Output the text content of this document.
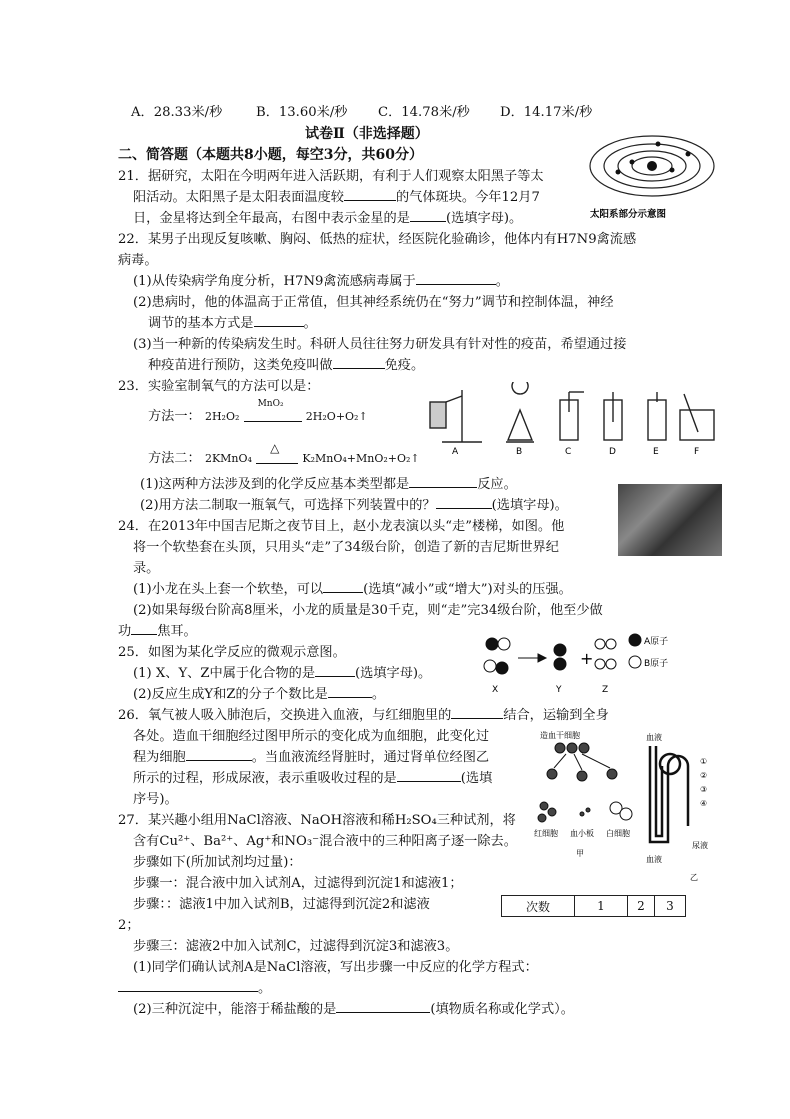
A．28.33米/秒	B．13.60米/秒 C．14.78米/秒 D．14.17米/秒
试卷Ⅱ（非选择题）
二、简答题（本题共8小题，每空3分，共60分）
21．据研究，太阳在今明两年进入活跃期，有利于人们观察太阳黑子等太
阳活动。太阳黑子是太阳表面温度较	的气体斑块。今年12月7
日，金星将达到全年最高，右图中表示金星的是	(选填字母)。	太阳系部分示意图
22．某男子出现反复咳嗽、胸闷、低热的症状，经医院化验确诊，他体内有H7N9禽流感
病毒。
(1)从传染病学角度分析，H7N9禽流感病毒属于	。
(2)患病时，他的体温高于正常值，但其神经系统仍在“努力”调节和控制体温，神经
调节的基本方式是	。
(3)当一种新的传染病发生时。科研人员往往努力研发具有针对性的疫苗，希望通过接
种疫苗进行预防，这类免疫叫做	免疫。
23．实验室制氧气的方法可以是：
方法一： 2H₂O₂
MnO₂
2H₂O+O₂↑
方法二： 2KMnO₄
△
K₂MnO₄+MnO₂+O₂↑	A	B	C	D	E	F
(1)这两种方法涉及到的化学反应基本类型都是	反应。
(2)用方法二制取一瓶氧气，可选择下列装置中的？	(选填字母)。
24．在2013年中国吉尼斯之夜节目上，赵小龙表演以头“走”楼梯，如图。他
将一个软垫套在头顶，只用头“走”了34级台阶，创造了新的吉尼斯世界纪
录。
(1)小龙在头上套一个软垫，可以	(选填“减小”或“增大”)对头的压强。
(2)如果每级台阶高8厘米，小龙的质量是30千克，则“走”完34级台阶，他至少做
功 焦耳。
25．如图为某化学反应的微观示意图。
(1) X、Y、Z中属于化合物的是	(选填字母)。
(2)反应生成Y和Z的分子个数比是	。
+
X	Y	Z
A原子
B原子
26．氧气被人吸入肺泡后，交换进入血液，与红细胞里的	结合，运输到全身
各处。造血干细胞经过图甲所示的变化成为血细胞，此变化过
程为细胞	。当血液流经肾脏时，通过肾单位经图乙
所示的过程，形成尿液，表示重吸收过程的是	(选填
序号)。
造血干细胞
红细胞 血小板 白细胞
甲
乙
血液
血液
尿液
①
②
③
④
27．某兴趣小组用NaCl溶液、NaOH溶液和稀H₂SO₄三种试剂，将
含有Cu²⁺、Ba²⁺、Ag⁺和NO₃⁻混合液中的三种阳离子逐一除去。
步骤如下(所加试剂均过量)：
步骤一：混合液中加入试剂A，过滤得到沉淀1和滤液1；
步骤：：滤液1中加入试剂B，过滤得到沉淀2和滤液
2；
步骤三：滤液2中加入试剂C，过滤得到沉淀3和滤液3。
次数	1	2	3
(1)同学们确认试剂A是NaCl溶液，写出步骤一中反应的化学方程式：
。
(2)三种沉淀中，能溶于稀盐酸的是	(填物质名称或化学式）。
